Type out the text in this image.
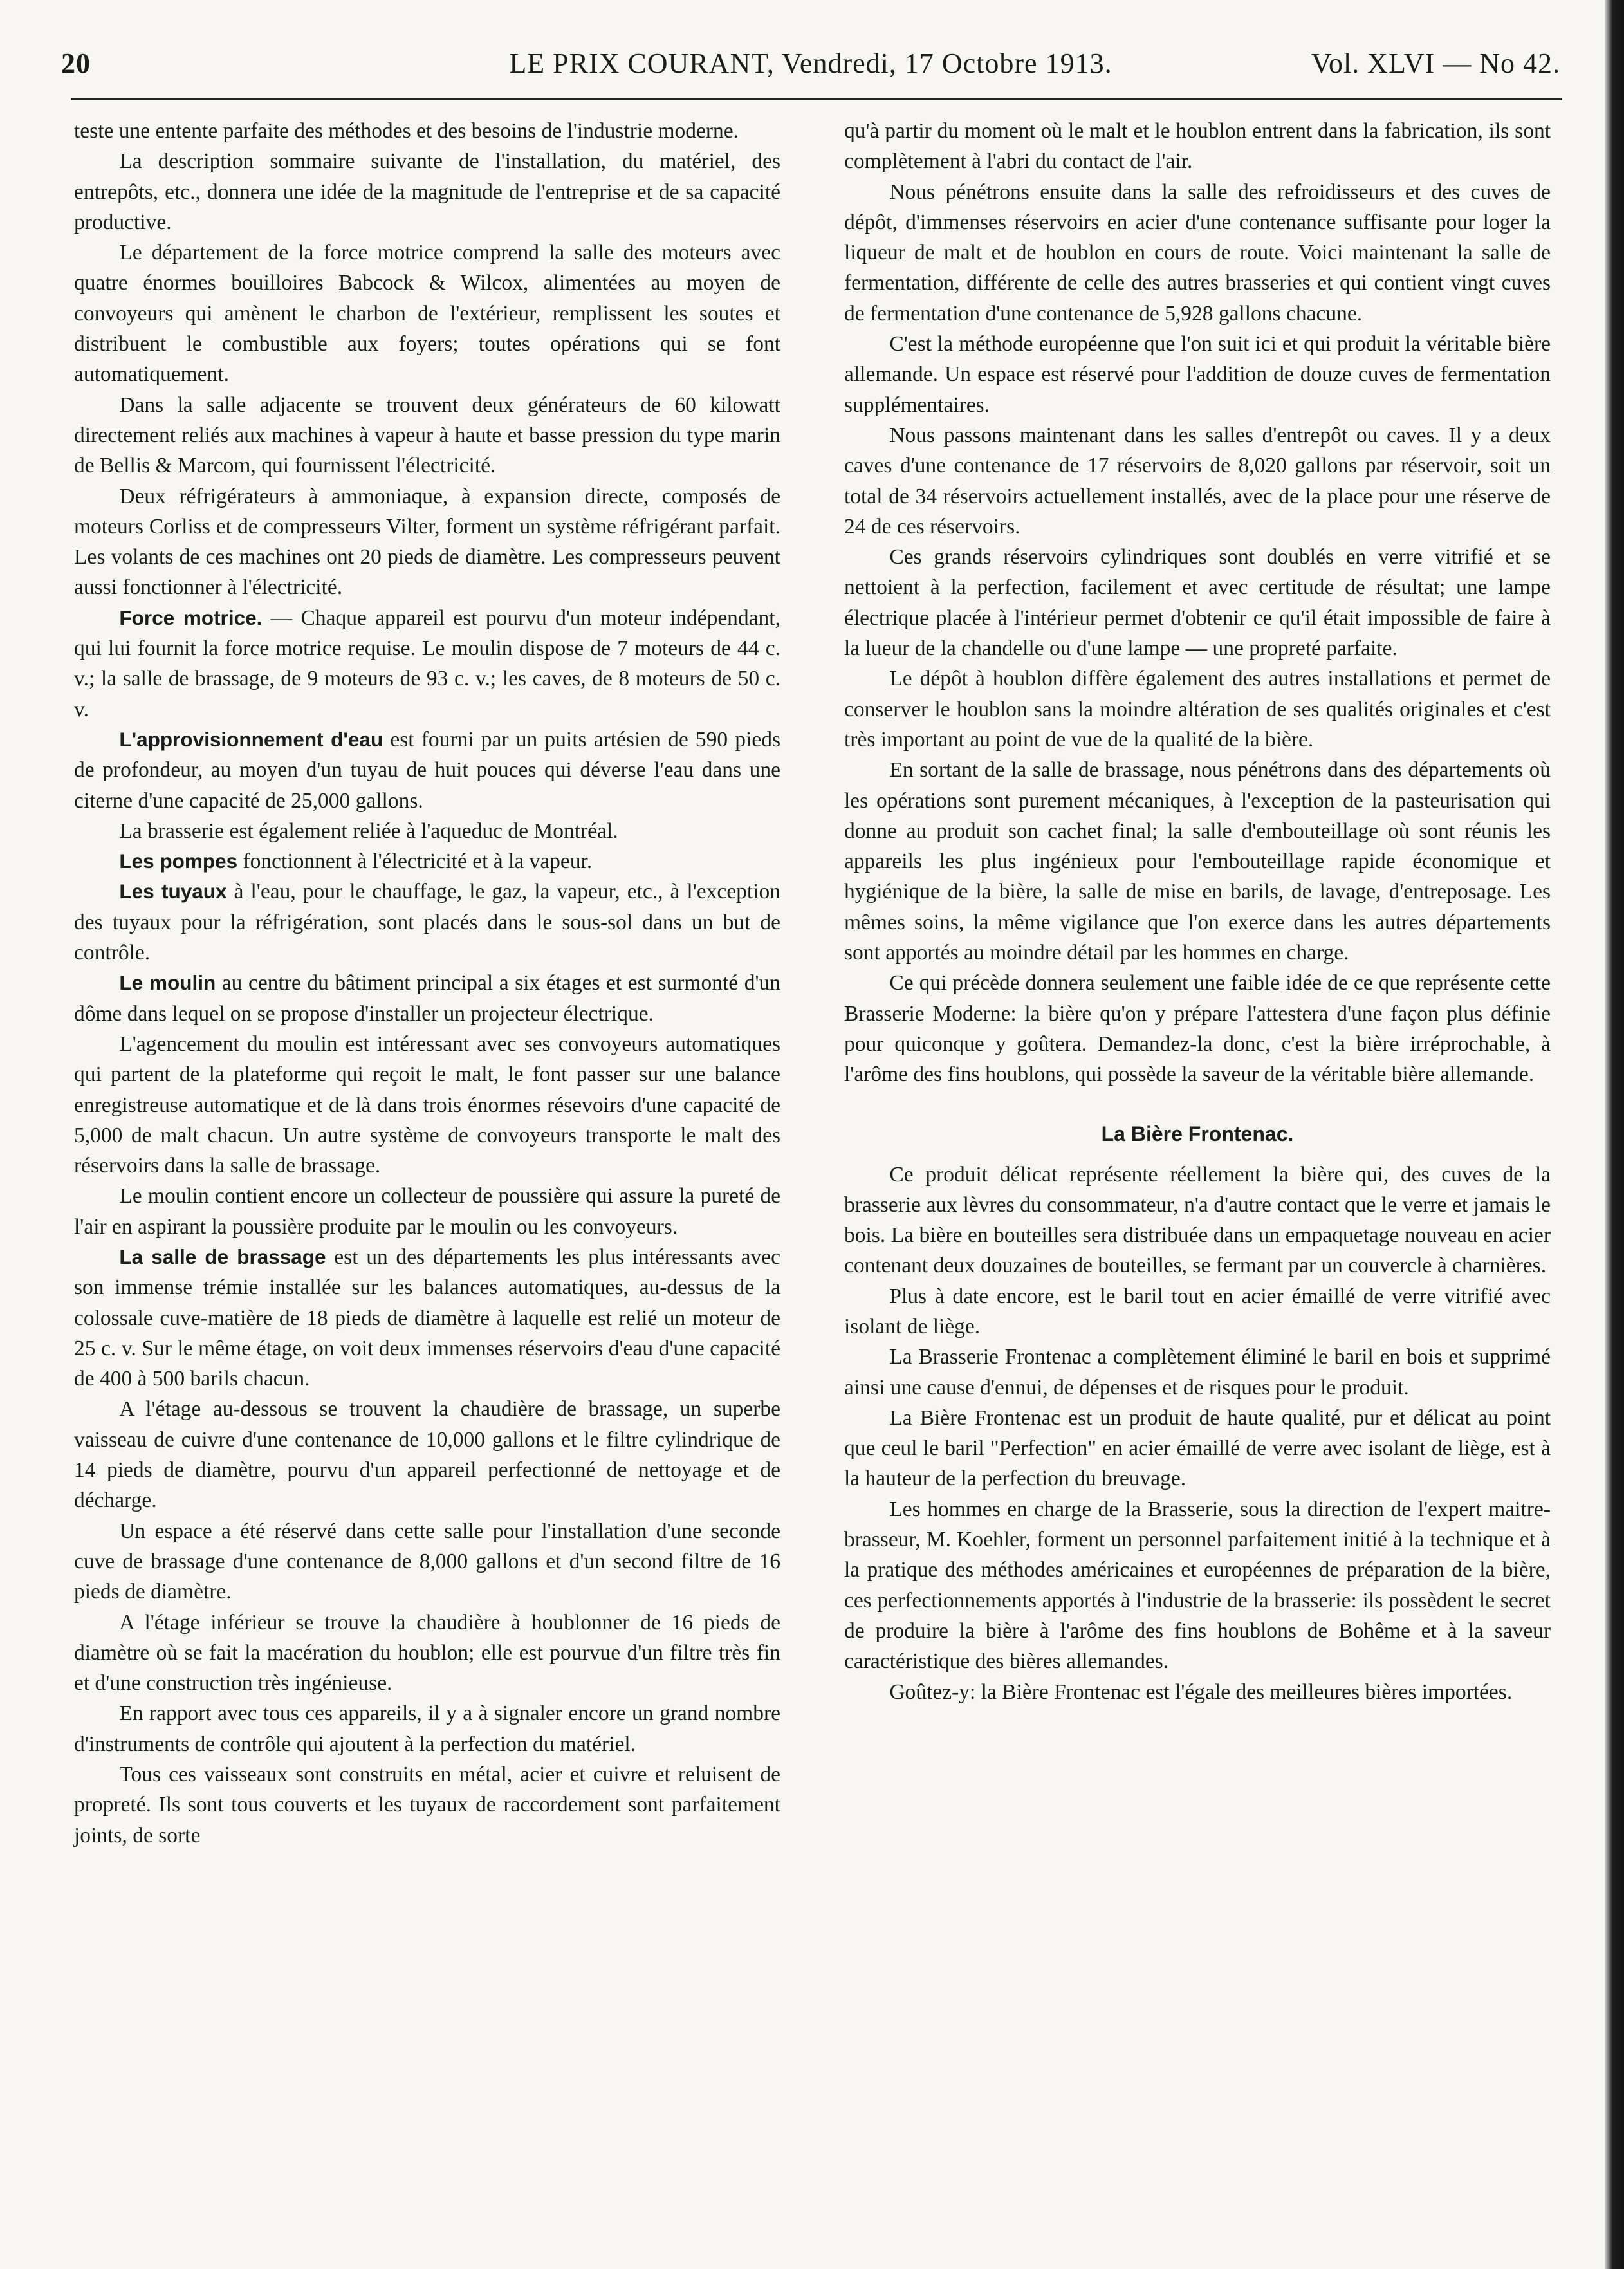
20	LE PRIX COURANT, Vendredi, 17 Octobre 1913.	Vol. XLVI — No 42.

teste une entente parfaite des méthodes et des besoins de l'industrie moderne.

La description sommaire suivante de l'installation, du matériel, des entrepôts, etc., donnera une idée de la magnitude de l'entreprise et de sa capacité productive.

Le département de la force motrice comprend la salle des moteurs avec quatre énormes bouilloires Babcock & Wilcox, alimentées au moyen de convoyeurs qui amènent le charbon de l'extérieur, remplissent les soutes et distribuent le combustible aux foyers; toutes opérations qui se font automatiquement.

Dans la salle adjacente se trouvent deux générateurs de 60 kilowatt directement reliés aux machines à vapeur à haute et basse pression du type marin de Bellis & Marcom, qui fournissent l'électricité.

Deux réfrigérateurs à ammoniaque, à expansion directe, composés de moteurs Corliss et de compresseurs Vilter, forment un système réfrigérant parfait. Les volants de ces machines ont 20 pieds de diamètre. Les compresseurs peuvent aussi fonctionner à l'électricité.

Force motrice. — Chaque appareil est pourvu d'un moteur indépendant, qui lui fournit la force motrice requise. Le moulin dispose de 7 moteurs de 44 c. v.; la salle de brassage, de 9 moteurs de 93 c. v.; les caves, de 8 moteurs de 50 c. v.

L'approvisionnement d'eau est fourni par un puits artésien de 590 pieds de profondeur, au moyen d'un tuyau de huit pouces qui déverse l'eau dans une citerne d'une capacité de 25,000 gallons.

La brasserie est également reliée à l'aqueduc de Montréal.

Les pompes fonctionnent à l'électricité et à la vapeur.

Les tuyaux à l'eau, pour le chauffage, le gaz, la vapeur, etc., à l'exception des tuyaux pour la réfrigération, sont placés dans le sous-sol dans un but de contrôle.

Le moulin au centre du bâtiment principal a six étages et est surmonté d'un dôme dans lequel on se propose d'installer un projecteur électrique.

L'agencement du moulin est intéressant avec ses convoyeurs automatiques qui partent de la plateforme qui reçoit le malt, le font passer sur une balance enregistreuse automatique et de là dans trois énormes résevoirs d'une capacité de 5,000 de malt chacun. Un autre système de convoyeurs transporte le malt des réservoirs dans la salle de brassage.

Le moulin contient encore un collecteur de poussière qui assure la pureté de l'air en aspirant la poussière produite par le moulin ou les convoyeurs.

La salle de brassage est un des départements les plus intéressants avec son immense trémie installée sur les balances automatiques, au-dessus de la colossale cuve-matière de 18 pieds de diamètre à laquelle est relié un moteur de 25 c. v. Sur le même étage, on voit deux immenses réservoirs d'eau d'une capacité de 400 à 500 barils chacun.

A l'étage au-dessous se trouvent la chaudière de brassage, un superbe vaisseau de cuivre d'une contenance de 10,000 gallons et le filtre cylindrique de 14 pieds de diamètre, pourvu d'un appareil perfectionné de nettoyage et de décharge.

Un espace a été réservé dans cette salle pour l'installation d'une seconde cuve de brassage d'une contenance de 8,000 gallons et d'un second filtre de 16 pieds de diamètre.

A l'étage inférieur se trouve la chaudière à houblonner de 16 pieds de diamètre où se fait la macération du houblon; elle est pourvue d'un filtre très fin et d'une construction très ingénieuse.

En rapport avec tous ces appareils, il y a à signaler encore un grand nombre d'instruments de contrôle qui ajoutent à la perfection du matériel.

Tous ces vaisseaux sont construits en métal, acier et cuivre et reluisent de propreté. Ils sont tous couverts et les tuyaux de raccordement sont parfaitement joints, de sorte

qu'à partir du moment où le malt et le houblon entrent dans la fabrication, ils sont complètement à l'abri du contact de l'air.

Nous pénétrons ensuite dans la salle des refroidisseurs et des cuves de dépôt, d'immenses réservoirs en acier d'une contenance suffisante pour loger la liqueur de malt et de houblon en cours de route. Voici maintenant la salle de fermentation, différente de celle des autres brasseries et qui contient vingt cuves de fermentation d'une contenance de 5,928 gallons chacune.

C'est la méthode européenne que l'on suit ici et qui produit la véritable bière allemande. Un espace est réservé pour l'addition de douze cuves de fermentation supplémentaires.

Nous passons maintenant dans les salles d'entrepôt ou caves. Il y a deux caves d'une contenance de 17 réservoirs de 8,020 gallons par réservoir, soit un total de 34 réservoirs actuellement installés, avec de la place pour une réserve de 24 de ces réservoirs.

Ces grands réservoirs cylindriques sont doublés en verre vitrifié et se nettoient à la perfection, facilement et avec certitude de résultat; une lampe électrique placée à l'intérieur permet d'obtenir ce qu'il était impossible de faire à la lueur de la chandelle ou d'une lampe — une propreté parfaite.

Le dépôt à houblon diffère également des autres installations et permet de conserver le houblon sans la moindre altération de ses qualités originales et c'est très important au point de vue de la qualité de la bière.

En sortant de la salle de brassage, nous pénétrons dans des départements où les opérations sont purement mécaniques, à l'exception de la pasteurisation qui donne au produit son cachet final; la salle d'embouteillage où sont réunis les appareils les plus ingénieux pour l'embouteillage rapide économique et hygiénique de la bière, la salle de mise en barils, de lavage, d'entreposage. Les mêmes soins, la même vigilance que l'on exerce dans les autres départements sont apportés au moindre détail par les hommes en charge.

Ce qui précède donnera seulement une faible idée de ce que représente cette Brasserie Moderne: la bière qu'on y prépare l'attestera d'une façon plus définie pour quiconque y goûtera. Demandez-la donc, c'est la bière irréprochable, à l'arôme des fins houblons, qui possède la saveur de la véritable bière allemande.

La Bière Frontenac.

Ce produit délicat représente réellement la bière qui, des cuves de la brasserie aux lèvres du consommateur, n'a d'autre contact que le verre et jamais le bois. La bière en bouteilles sera distribuée dans un empaquetage nouveau en acier contenant deux douzaines de bouteilles, se fermant par un couvercle à charnières.

Plus à date encore, est le baril tout en acier émaillé de verre vitrifié avec isolant de liège.

La Brasserie Frontenac a complètement éliminé le baril en bois et supprimé ainsi une cause d'ennui, de dépenses et de risques pour le produit.

La Bière Frontenac est un produit de haute qualité, pur et délicat au point que ceul le baril "Perfection" en acier émaillé de verre avec isolant de liège, est à la hauteur de la perfection du breuvage.

Les hommes en charge de la Brasserie, sous la direction de l'expert maitre-brasseur, M. Koehler, forment un personnel parfaitement initié à la technique et à la pratique des méthodes américaines et européennes de préparation de la bière, ces perfectionnements apportés à l'industrie de la brasserie: ils possèdent le secret de produire la bière à l'arôme des fins houblons de Bohême et à la saveur caractéristique des bières allemandes.

Goûtez-y: la Bière Frontenac est l'égale des meilleures bières importées.
